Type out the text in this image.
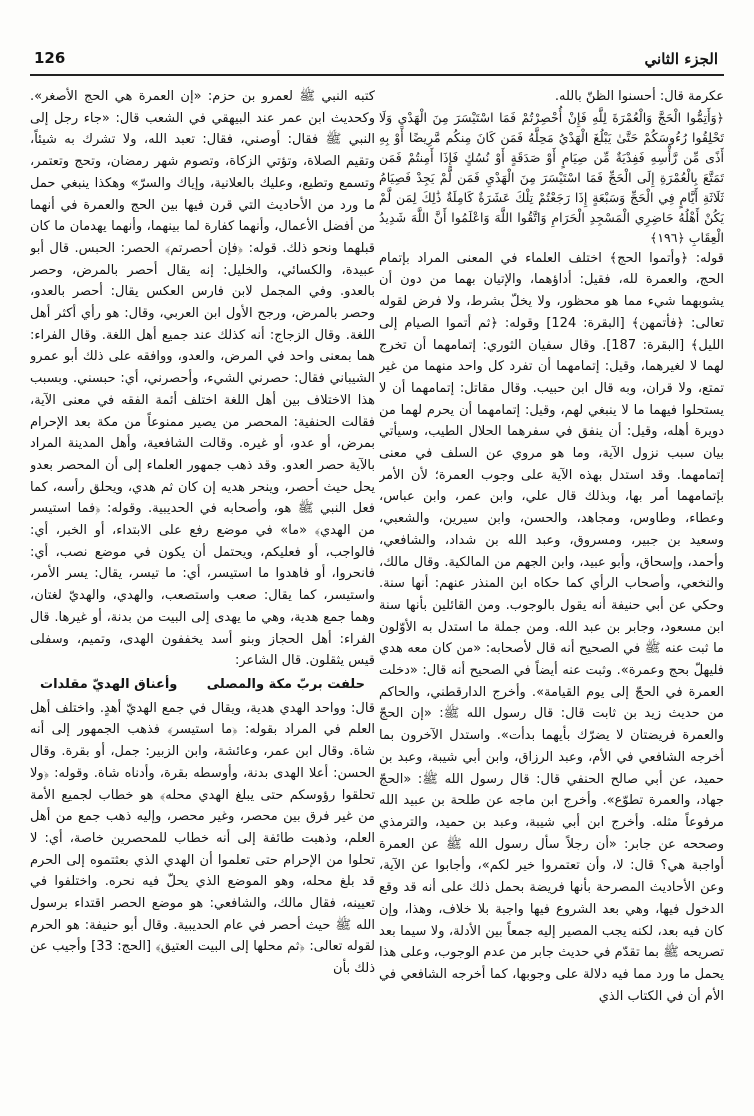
الجزء الثاني
126

عكرمة قال: أحسنوا الظنّ بالله.

﴿وَأَتِمُّوا الْحَجَّ وَالْعُمْرَةَ لِلَّهِ فَإِنْ أُحْصِرْتُمْ فَمَا اسْتَيْسَرَ مِنَ الْهَدْيِ وَلَا تَحْلِقُوا رُءُوسَكُمْ حَتَّىٰ يَبْلُغَ الْهَدْيُ مَحِلَّهُ فَمَن كَانَ مِنكُم مَّرِيضًا أَوْ بِهِ أَذًى مِّن رَّأْسِهِ فَفِدْيَةٌ مِّن صِيَامٍ أَوْ صَدَقَةٍ أَوْ نُسُكٍ فَإِذَا أَمِنتُمْ فَمَن تَمَتَّعَ بِالْعُمْرَةِ إِلَى الْحَجِّ فَمَا اسْتَيْسَرَ مِنَ الْهَدْيِ فَمَن لَّمْ يَجِدْ فَصِيَامُ ثَلَاثَةِ أَيَّامٍ فِي الْحَجِّ وَسَبْعَةٍ إِذَا رَجَعْتُمْ تِلْكَ عَشَرَةٌ كَامِلَةٌ ذَٰلِكَ لِمَن لَّمْ يَكُنْ أَهْلُهُ حَاضِرِي الْمَسْجِدِ الْحَرَامِ وَاتَّقُوا اللَّهَ وَاعْلَمُوا أَنَّ اللَّهَ شَدِيدُ الْعِقَابِ ﴿١٩٦﴾

قوله: ﴿وأتموا الحج﴾ اختلف العلماء في المعنى المراد بإتمام الحج، والعمرة لله، فقيل: أداؤهما، والإتيان بهما من دون أن يشوبهما شيء مما هو محظور، ولا يخلّ بشرط، ولا فرض لقوله تعالى: ﴿فأتمهن﴾ [البقرة: 124] وقوله: ﴿ثم أتموا الصيام إلى الليل﴾ [البقرة: 187]. وقال سفيان الثوري: إتمامهما أن تخرج لهما لا لغيرهما، وقيل: إتمامهما أن تفرد كل واحد منهما من غير تمتع، ولا قران، وبه قال ابن حبيب. وقال مقاتل: إتمامهما أن لا يستحلوا فيهما ما لا ينبغي لهم، وقيل: إتمامهما أن يحرم لهما من دويرة أهله، وقيل: أن ينفق في سفرهما الحلال الطيب، وسيأتي بيان سبب نزول الآية، وما هو مروي عن السلف في معنى إتمامهما. وقد استدل بهذه الآية على وجوب العمرة؛ لأن الأمر بإتمامهما أمر بها، وبذلك قال علي، وابن عمر، وابن عباس، وعطاء، وطاوس، ومجاهد، والحسن، وابن سيرين، والشعبي، وسعيد بن جبير، ومسروق، وعبد الله بن شداد، والشافعي، وأحمد، وإسحاق، وأبو عبيد، وابن الجهم من المالكية. وقال مالك، والنخعي، وأصحاب الرأي كما حكاه ابن المنذر عنهم: أنها سنة. وحكي عن أبي حنيفة أنه يقول بالوجوب. ومن القائلين بأنها سنة ابن مسعود، وجابر بن عبد الله. ومن جملة ما استدل به الأوّلون ما ثبت عنه ﷺ في الصحيح أنه قال لأصحابه: «من كان معه هدي فليهلّ بحج وعمرة». وثبت عنه أيضاً في الصحيح أنه قال: «دخلت العمرة في الحجّ إلى يوم القيامة». وأخرج الدارقطني، والحاكم من حديث زيد بن ثابت قال: قال رسول الله ﷺ: «إن الحجّ والعمرة فريضتان لا يضرّك بأيهما بدأت». واستدل الآخرون بما أخرجه الشافعي في الأم، وعبد الرزاق، وابن أبي شيبة، وعبد بن حميد، عن أبي صالح الحنفي قال: قال رسول الله ﷺ: «الحجّ جهاد، والعمرة تطوّع». وأخرج ابن ماجه عن طلحة بن عبيد الله مرفوعاً مثله. وأخرج ابن أبي شيبة، وعبد بن حميد، والترمذي وصححه عن جابر: «أن رجلاً سأل رسول الله ﷺ عن العمرة أواجبة هي؟ قال: لا، وأن تعتمروا خير لكم»، وأجابوا عن الآية، وعن الأحاديث المصرحة بأنها فريضة بحمل ذلك على أنه قد وقع الدخول فيها، وهي بعد الشروع فيها واجبة بلا خلاف، وهذا، وإن كان فيه بعد، لكنه يجب المصير إليه جمعاً بين الأدلة، ولا سيما بعد تصريحه ﷺ بما تقدّم في حديث جابر من عدم الوجوب، وعلى هذا يحمل ما ورد مما فيه دلالة على وجوبها، كما أخرجه الشافعي في الأم أن في الكتاب الذي

كتبه النبي ﷺ لعمرو بن حزم: «إن العمرة هي الحج الأصغر». وكحديث ابن عمر عند البيهقي في الشعب قال: «جاء رجل إلى النبي ﷺ فقال: أوصني، فقال: تعبد الله، ولا تشرك به شيئاً، وتقيم الصلاة، وتؤتي الزكاة، وتصوم شهر رمضان، وتحج وتعتمر، وتسمع وتطيع، وعليك بالعلانية، وإياك والسرّ» وهكذا ينبغي حمل ما ورد من الأحاديث التي قرن فيها بين الحج والعمرة في أنهما من أفضل الأعمال، وأنهما كفارة لما بينهما، وأنهما يهدمان ما كان قبلهما ونحو ذلك. قوله: ﴿فإن أحصرتم﴾ الحصر: الحبس. قال أبو عبيدة، والكسائي، والخليل: إنه يقال أحصر بالمرض، وحصر بالعدو. وفي المجمل لابن فارس العكس يقال: أحصر بالعدو، وحصر بالمرض، ورجح الأول ابن العربي، وقال: هو رأي أكثر أهل اللغة. وقال الزجاج: أنه كذلك عند جميع أهل اللغة. وقال الفراء: هما بمعنى واحد في المرض، والعدو، ووافقه على ذلك أبو عمرو الشيباني فقال: حصرني الشيء، وأحصرني، أي: حبسني. وبسبب هذا الاختلاف بين أهل اللغة اختلف أئمة الفقه في معنى الآية، فقالت الحنفية: المحصر من يصير ممنوعاً من مكة بعد الإحرام بمرض، أو عدو، أو غيره. وقالت الشافعية، وأهل المدينة المراد بالآية حصر العدو. وقد ذهب جمهور العلماء إلى أن المحصر بعدو يحل حيث أحصر، وينحر هديه إن كان ثم هدي، ويحلق رأسه، كما فعل النبي ﷺ هو، وأصحابه في الحديبية. وقوله: ﴿فما استيسر من الهدي﴾ «ما» في موضع رفع على الابتداء، أو الخبر، أي: فالواجب، أو فعليكم، ويحتمل أن يكون في موضع نصب، أي: فانحروا، أو فاهدوا ما استيسر، أي: ما تيسر، يقال: يسر الأمر، واستيسر، كما يقال: صعب واستصعب، والهدي، والهديّ لغتان، وهما جمع هدية، وهي ما يهدى إلى البيت من بدنة، أو غيرها. قال الفراء: أهل الحجاز وبنو أسد يخففون الهدى، وتميم، وسفلى قيس يثقلون. قال الشاعر:

حلفت بربّ مكة والمصلى
وأعناق الهديّ مقلدات

قال: وواحد الهدي هدية، ويقال في جمع الهديّ أهدٍ. واختلف أهل العلم في المراد بقوله: ﴿ما استيسر﴾ فذهب الجمهور إلى أنه شاة. وقال ابن عمر، وعائشة، وابن الزبير: جمل، أو بقرة. وقال الحسن: أعلا الهدى بدنة، وأوسطه بقرة، وأدناه شاة. وقوله: ﴿ولا تحلقوا رؤوسكم حتى يبلغ الهدي محله﴾ هو خطاب لجميع الأمة من غير فرق بين محصر، وغير محصر، وإليه ذهب جمع من أهل العلم، وذهبت طائفة إلى أنه خطاب للمحصرين خاصة، أي: لا تحلوا من الإحرام حتى تعلموا أن الهدي الذي بعثتموه إلى الحرم قد بلغ محله، وهو الموضع الذي يحلّ فيه نحره. واختلفوا في تعيينه، فقال مالك، والشافعي: هو موضع الحصر اقتداء برسول الله ﷺ حيث أحصر في عام الحديبية. وقال أبو حنيفة: هو الحرم لقوله تعالى: ﴿ثم محلها إلى البيت العتيق﴾ [الحج: 33] وأجيب عن ذلك بأن
